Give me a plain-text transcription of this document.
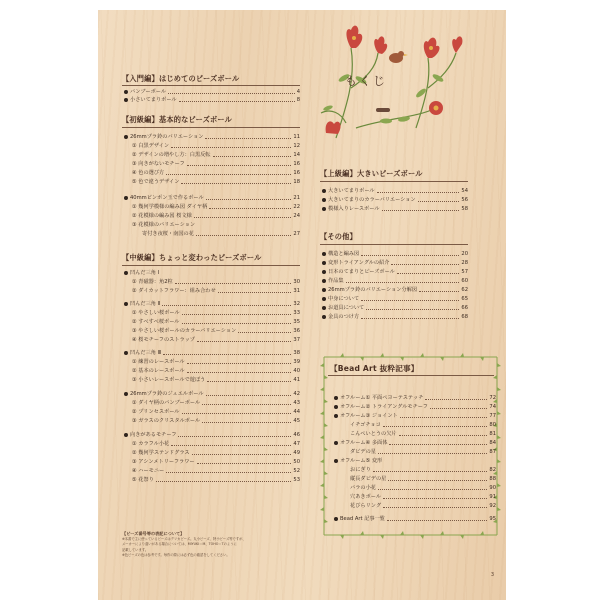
もくじ
【入門編】はじめてのビーズボール
バンブーボール	4
小さいてまりボール	8
【初級編】基本的なビーズボール
26mmプラ鈴のバリエーション	11
① 白黒デザイン	12
② デザインの増やし方：白黒反転	14
③ 向きがないモチーフ	16
④ 色の選び方	16
⑤ 色で違うデザイン	18
40mmピンポン玉で作るボール	21
① 幾何学模様の編み図 ダイヤ柄	22
② 花模様の編み図 桜文様	24
③ 花模様のバリエーション
寄付き夜桜・南国の花	27
【中級編】ちょっと変わったビーズボール
凹んだ三角 Ⅰ
① 青磁器：角2粒	30
② ダイカットフラワー：組み合わせ	31
凹んだ三角 Ⅱ	32
① やさしい桜ボール	33
② すべすべ桜ボール	35
③ やさしい桜ボールのカラーバリエーション	36
④ 桜モチーフのストラップ	37
凹んだ三角 Ⅲ	38
① 練習のレースボール	39
② 基本のレースボール	40
③ 小さいレースボールで遊ぼう	41
26mmプラ鈴のジュエルボール	42
① ダイヤ柄のバンブーボール	43
② プリンセスボール	44
③ ガラスのクリスタルボール	45
向きがあるモチーフ	46
① カラフル小花	47
② 幾何学ステンドグラス	49
③ アシンメトリーフラワー	50
④ ハーモニー	52
⑤ 花祭り	53
【上級編】大きいビーズボール
大きいてまりボール	54
大きいてまりのカラーバリエーション	56
模様入りレースボール	58
【その他】
構造と編み図	20
変形トライアングルの紹介	28
日本のてまりとビーズボール	57
作品集	60
26mmプラ鈴のバリエーション分解図	62
中身について	65
お道具について	66
金具のつけ方	68
【Bead Art 抜粋記事】
オフルーム① 平面ペヨーテステッチ	72
オフルーム② トライアングルモチーフ	74
オフルーム③ ジョイント	77
イチゴチョコ	80
こんぺいとうの欠片	81
オフルーム④ 多面体	84
ダビデの星	87
オフルーム⑤ 変形
おにぎり	82
縦長ダビデの星	88
バラの小花	90
穴あきボール	91
花びらリング	92
Bead Art 記事一覧	95
【ビーズ番号等の表記について】
※本書で主に使っているビーズはデリカビーズ。丸小ビーズ、特小ビーズ等ですが、
メーカーにより違いがある場合については、MIYUKI＝M、TOHO＝Tのように
記載しています。
※色ビーズの色は参考です。毎作の際には必ず色の確認をしてください。
3
